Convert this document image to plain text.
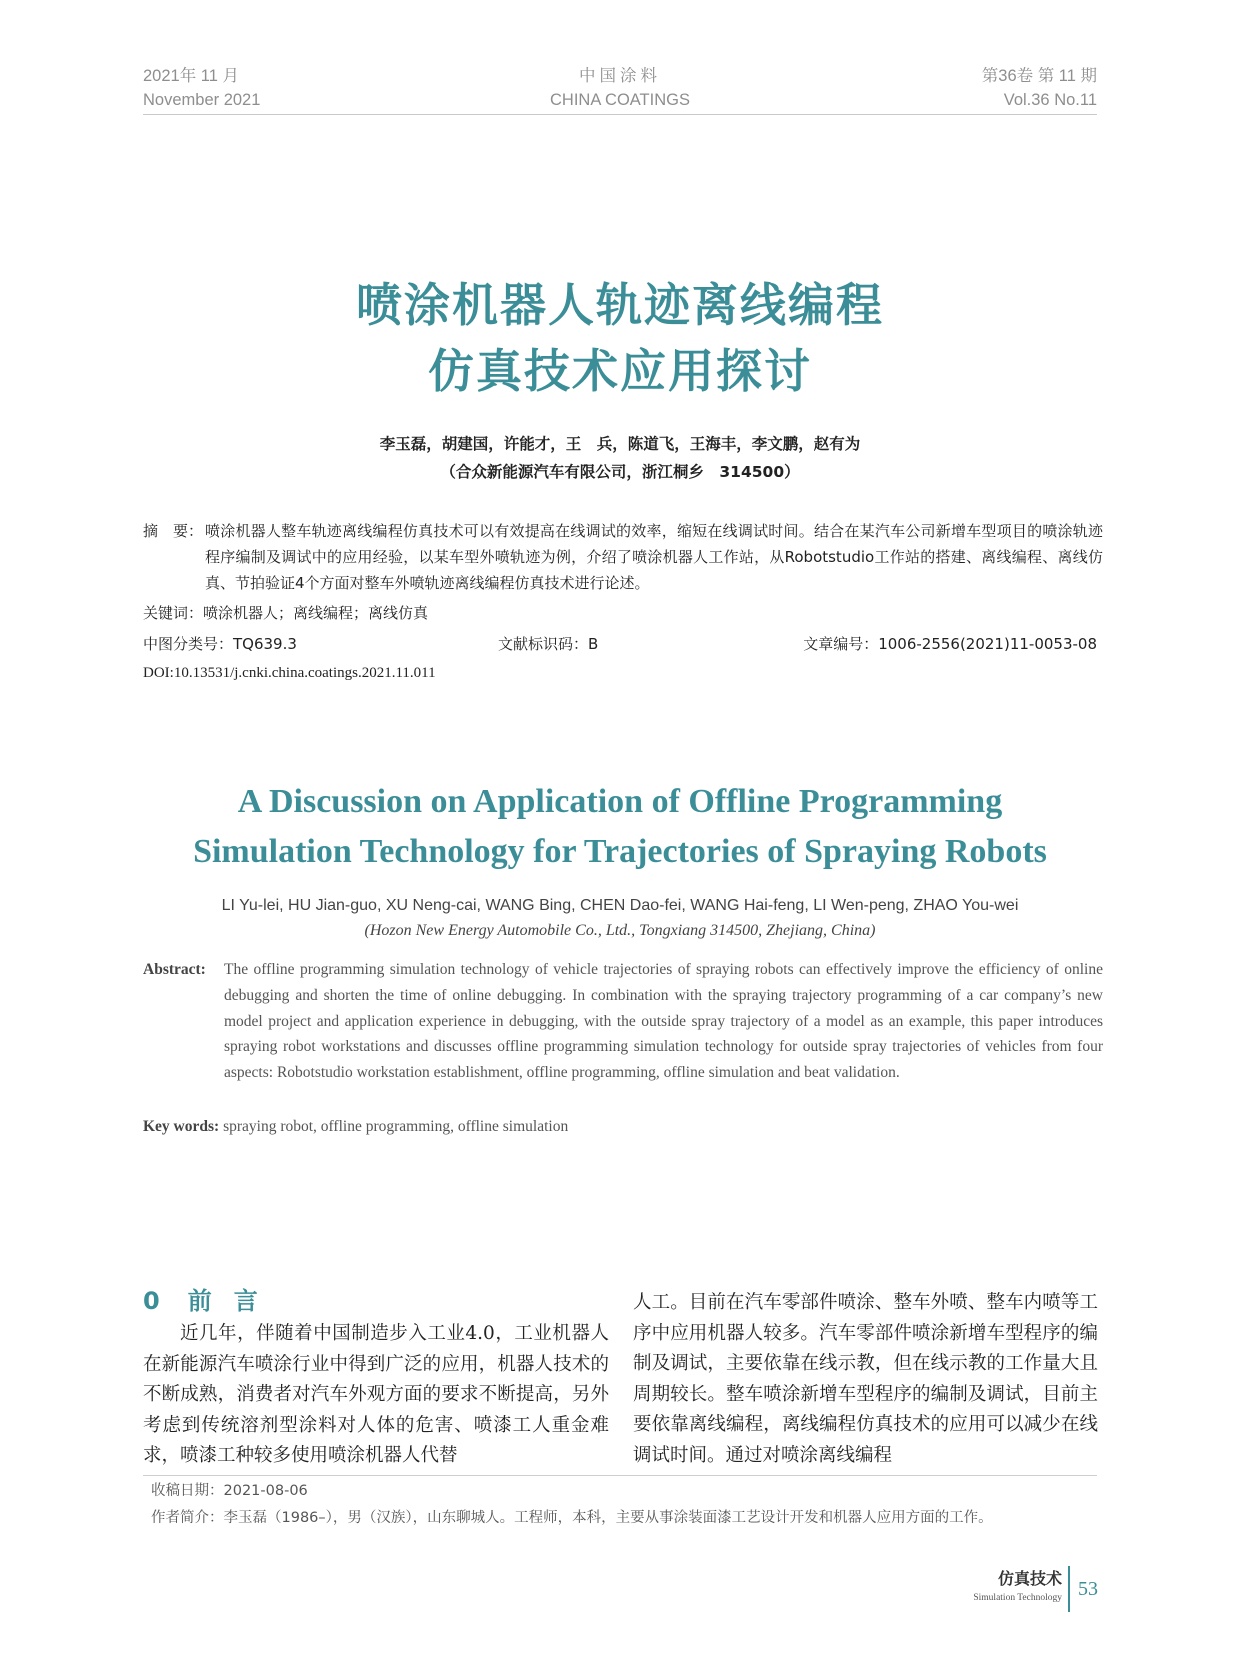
2021年 11 月
November 2021
中国涂料
CHINA COATINGS
第36卷 第 11 期
Vol.36 No.11
喷涂机器人轨迹离线编程
仿真技术应用探讨
李玉磊，胡建国，许能才，王　兵，陈道飞，王海丰，李文鹏，赵有为
（合众新能源汽车有限公司，浙江桐乡　314500）
摘　要： 喷涂机器人整车轨迹离线编程仿真技术可以有效提高在线调试的效率，缩短在线调试时间。结合在某汽车公司新增车型项目的喷涂轨迹程序编制及调试中的应用经验，以某车型外喷轨迹为例，介绍了喷涂机器人工作站，从Robotstudio工作站的搭建、离线编程、离线仿真、节拍验证4个方面对整车外喷轨迹离线编程仿真技术进行论述。
关键词：喷涂机器人；离线编程；离线仿真
中图分类号：TQ639.3	文献标识码：B	文章编号：1006-2556(2021)11-0053-08
DOI:10.13531/j.cnki.china.coatings.2021.11.011
A Discussion on Application of Offline Programming
Simulation Technology for Trajectories of Spraying Robots
LI Yu-lei, HU Jian-guo, XU Neng-cai, WANG Bing, CHEN Dao-fei, WANG Hai-feng, LI Wen-peng, ZHAO You-wei
(Hozon New Energy Automobile Co., Ltd., Tongxiang 314500, Zhejiang, China)
Abstract: The offline programming simulation technology of vehicle trajectories of spraying robots can effectively improve the efficiency of online debugging and shorten the time of online debugging. In combination with the spraying trajectory programming of a car company’s new model project and application experience in debugging, with the outside spray trajectory of a model as an example, this paper introduces spraying robot workstations and discusses offline programming simulation technology for outside spray trajectories of vehicles from four aspects: Robotstudio workstation establishment, offline programming, offline simulation and beat validation.
Key words: spraying robot, offline programming, offline simulation
0 前言
近几年，伴随着中国制造步入工业4.0，工业机器人在新能源汽车喷涂行业中得到广泛的应用，机器人技术的不断成熟，消费者对汽车外观方面的要求不断提高，另外考虑到传统溶剂型涂料对人体的危害、喷漆工人重金难求，喷漆工种较多使用喷涂机器人代替
人工。目前在汽车零部件喷涂、整车外喷、整车内喷等工序中应用机器人较多。汽车零部件喷涂新增车型程序的编制及调试，主要依靠在线示教，但在线示教的工作量大且周期较长。整车喷涂新增车型程序的编制及调试，目前主要依靠离线编程，离线编程仿真技术的应用可以减少在线调试时间。通过对喷涂离线编程
收稿日期：2021-08-06
作者简介：李玉磊（1986–），男（汉族），山东聊城人。工程师，本科，主要从事涂装面漆工艺设计开发和机器人应用方面的工作。
仿真技术
Simulation Technology 53
